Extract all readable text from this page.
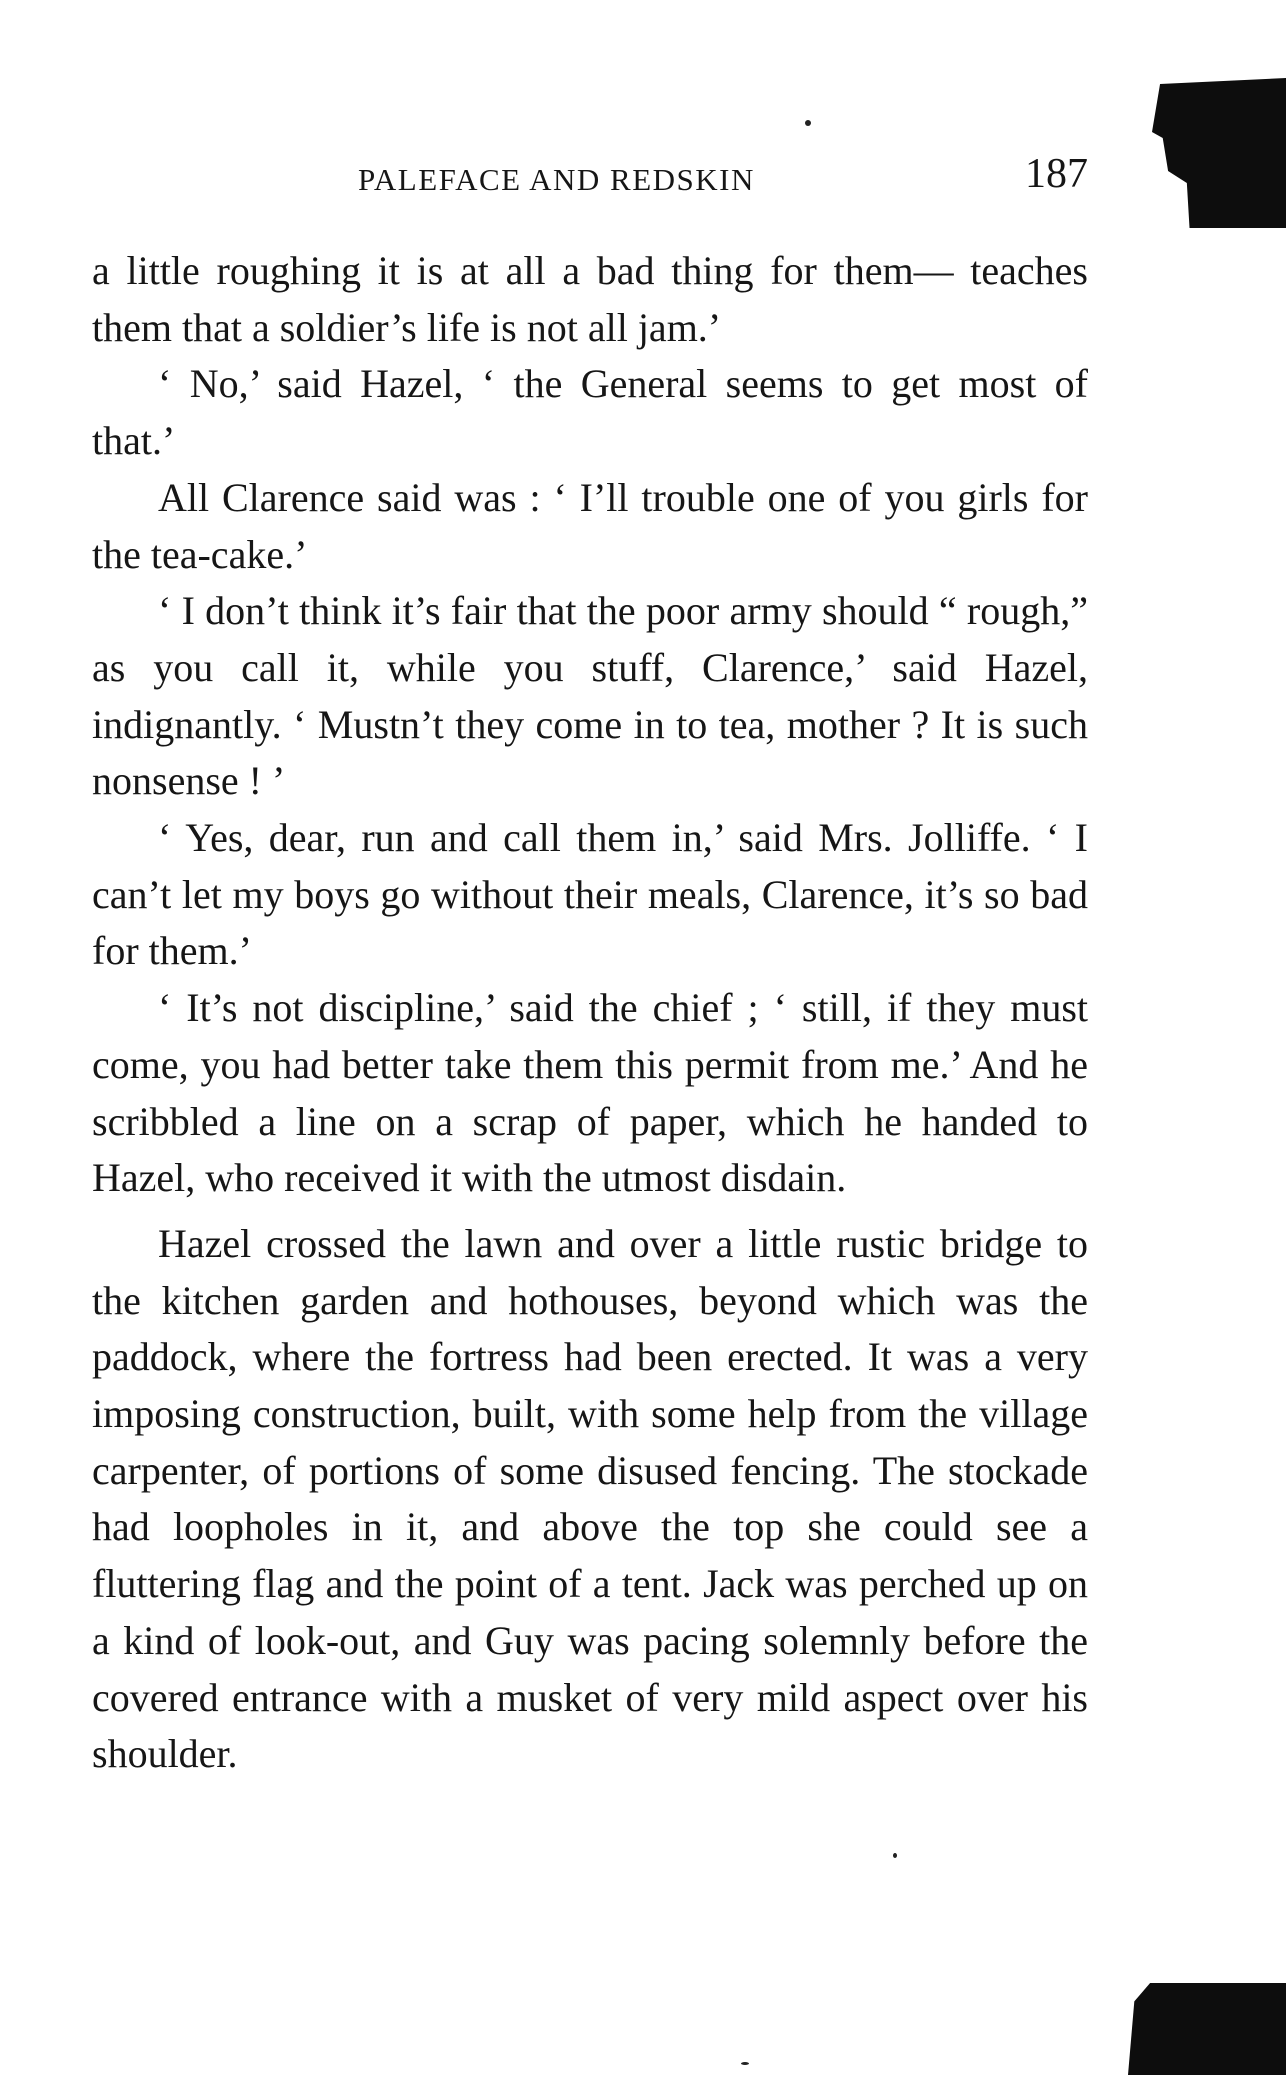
PALEFACE AND REDSKIN	187

a little roughing it is at all a bad thing for them— teaches them that a soldier’s life is not all jam.’

‘ No,’ said Hazel, ‘ the General seems to get most of that.’

All Clarence said was : ‘ I’ll trouble one of you girls for the tea-cake.’

‘ I don’t think it’s fair that the poor army should “ rough,” as you call it, while you stuff, Clarence,’ said Hazel, indignantly. ‘ Mustn’t they come in to tea, mother ? It is such nonsense ! ’

‘ Yes, dear, run and call them in,’ said Mrs. Jolliffe. ‘ I can’t let my boys go without their meals, Clarence, it’s so bad for them.’

‘ It’s not discipline,’ said the chief ; ‘ still, if they must come, you had better take them this permit from me.’ And he scribbled a line on a scrap of paper, which he handed to Hazel, who received it with the utmost disdain.

Hazel crossed the lawn and over a little rustic bridge to the kitchen garden and hothouses, beyond which was the paddock, where the fortress had been erected. It was a very imposing construction, built, with some help from the village carpenter, of portions of some disused fencing. The stockade had loopholes in it, and above the top she could see a fluttering flag and the point of a tent. Jack was perched up on a kind of look-out, and Guy was pacing solemnly before the covered entrance with a musket of very mild aspect over his shoulder.
